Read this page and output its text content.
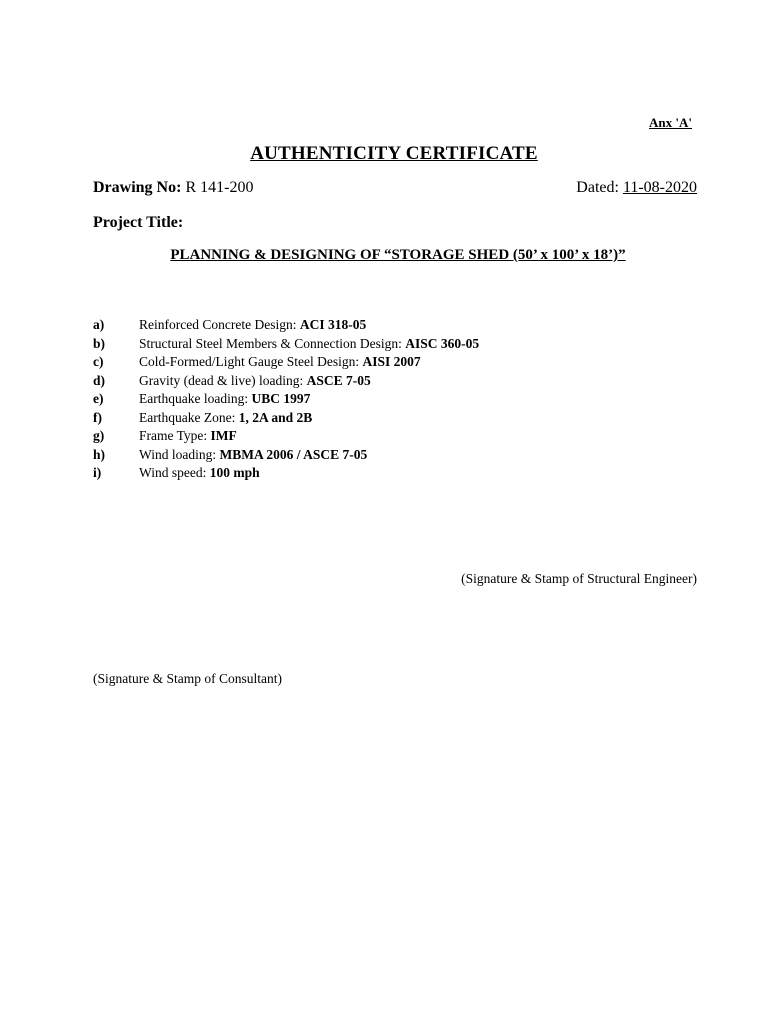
Anx 'A'
AUTHENTICITY CERTIFICATE
Drawing No: R 141-200	Dated: 11-08-2020
Project Title:
PLANNING & DESIGNING OF “STORAGE SHED (50’ x 100’ x 18’)”
a)	Reinforced Concrete Design: ACI 318-05
b)	Structural Steel Members & Connection Design: AISC 360-05
c)	Cold-Formed/Light Gauge Steel Design: AISI 2007
d)	Gravity (dead & live) loading: ASCE 7-05
e)	Earthquake loading: UBC 1997
f)	Earthquake Zone: 1, 2A and 2B
g)	Frame Type: IMF
h)	Wind loading: MBMA 2006 / ASCE 7-05
i)	Wind speed: 100 mph
(Signature & Stamp of Structural Engineer)
(Signature & Stamp of Consultant)
